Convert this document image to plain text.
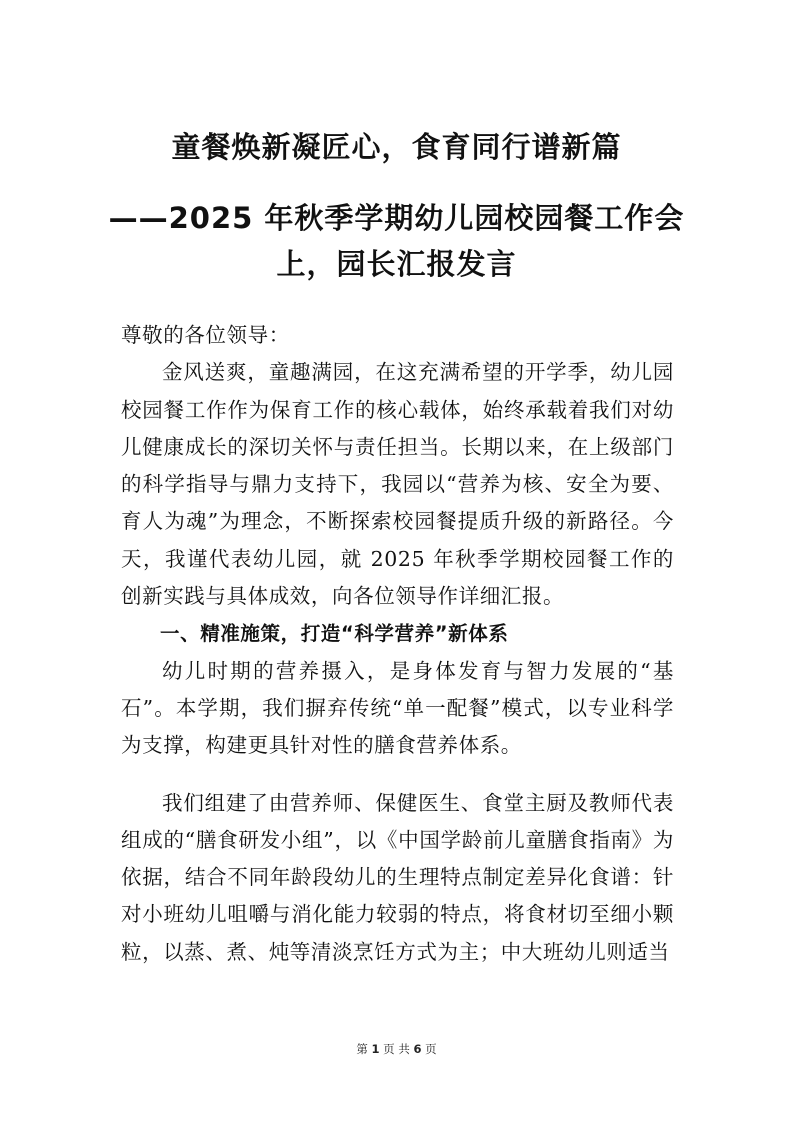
童餐焕新凝匠心，食育同行谱新篇
——2025 年秋季学期幼儿园校园餐工作会
上，园长汇报发言

尊敬的各位领导：

金风送爽，童趣满园，在这充满希望的开学季，幼儿园校园餐工作作为保育工作的核心载体，始终承载着我们对幼儿健康成长的深切关怀与责任担当。长期以来，在上级部门的科学指导与鼎力支持下，我园以“营养为核、安全为要、育人为魂”为理念，不断探索校园餐提质升级的新路径。今天，我谨代表幼儿园，就 2025 年秋季学期校园餐工作的创新实践与具体成效，向各位领导作详细汇报。

一、精准施策，打造“科学营养”新体系

幼儿时期的营养摄入，是身体发育与智力发展的“基石”。本学期，我们摒弃传统“单一配餐”模式，以专业科学为支撑，构建更具针对性的膳食营养体系。

我们组建了由营养师、保健医生、食堂主厨及教师代表组成的“膳食研发小组”，以《中国学龄前儿童膳食指南》为依据，结合不同年龄段幼儿的生理特点制定差异化食谱：针对小班幼儿咀嚼与消化能力较弱的特点，将食材切至细小颗粒，以蒸、煮、炖等清淡烹饪方式为主；中大班幼儿则适当

第 1 页 共 6 页
